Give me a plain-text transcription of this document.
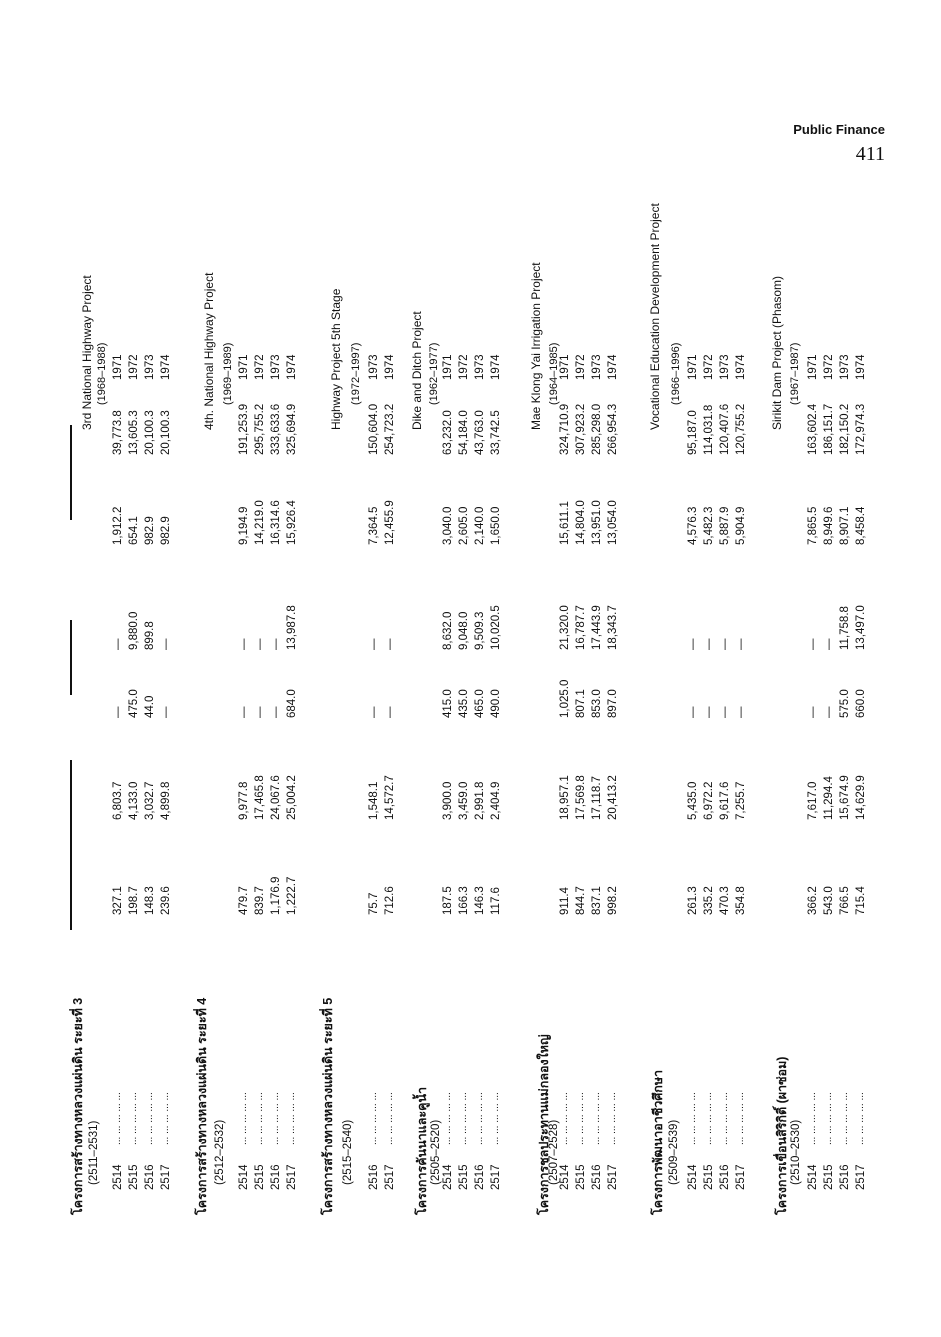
Public Finance
411
โครงการสร้างทางหลวงแผ่นดิน ระยะที่ 3 (2511–2531)
3rd National Highway Project (1968–1988)
2514
... ... ... ... ...
327.1
6,803.7
—
—
1,912.2
39,773.8
1971
2515
... ... ... ... ...
198.7
4,133.0
475.0
9,880.0
654.1
13,605.3
1972
2516
... ... ... ... ...
148.3
3,032.7
44.0
899.8
982.9
20,100.3
1973
2517
... ... ... ... ...
239.6
4,899.8
—
—
982.9
20,100.3
1974
โครงการสร้างทางหลวงแผ่นดิน ระยะที่ 4 (2512–2532)
4th. National Highway Project (1969–1989)
2514
... ... ... ... ...
479.7
9,977.8
—
—
9,194.9
191,253.9
1971
2515
... ... ... ... ...
839.7
17,465.8
—
—
14,219.0
295,755.2
1972
2516
... ... ... ... ...
1,176.9
24,067.6
—
—
16,314.6
333,633.6
1973
2517
... ... ... ... ...
1,222.7
25,004.2
684.0
13,987.8
15,926.4
325,694.9
1974
โครงการสร้างทางหลวงแผ่นดิน ระยะที่ 5 (2515–2540)
Highway Project 5th Stage (1972–1997)
2516
... ... ... ... ...
75.7
1,548.1
—
—
7,364.5
150,604.0
1973
2517
... ... ... ... ...
712.6
14,572.7
—
—
12,455.9
254,723.2
1974
โครงการคันนาและคูน้ำ (2505–2520)
Dike and Ditch Project (1962–1977)
2514
... ... ... ... ...
187.5
3,900.0
415.0
8,632.0
3,040.0
63,232.0
1971
2515
... ... ... ... ...
166.3
3,459.0
435.0
9,048.0
2,605.0
54,184.0
1972
2516
... ... ... ... ...
146.3
2,991.8
465.0
9,509.3
2,140.0
43,763.0
1973
2517
... ... ... ... ...
117.6
2,404.9
490.0
10,020.5
1,650.0
33,742.5
1974
โครงการชลประทานแม่กลองใหญ่
(2507–2528)
Mae Klong Yai Irrigation Project (1964–1985)
2514
... ... ... ... ...
911.4
18,957.1
1,025.0
21,320.0
15,611.1
324,710.9
1971
2515
... ... ... ... ...
844.7
17,569.8
807.1
16,787.7
14,804.0
307,923.2
1972
2516
... ... ... ... ...
837.1
17,118.7
853.0
17,443.9
13,951.0
285,298.0
1973
2517
... ... ... ... ...
998.2
20,413.2
897.0
18,343.7
13,054.0
266,954.3
1974
โครงการพัฒนาอาชีวศึกษา (2509–2539)
Vocational Education Development Project (1966–1996)
2514
... ... ... ... ...
261.3
5,435.0
—
—
4,576.3
95,187.0
1971
2515
... ... ... ... ...
335.2
6,972.2
—
—
5,482.3
114,031.8
1972
2516
... ... ... ... ...
470.3
9,617.6
—
—
5,887.9
120,407.6
1973
2517
... ... ... ... ...
354.8
7,255.7
—
—
5,904.9
120,755.2
1974
โครงการเขื่อนสิริกิติ์ (ผาซ่อม) (2510–2530)
Sirikit Dam Project (Phasom) (1967–1987)
2514
... ... ... ... ...
366.2
7,617.0
—
—
7,865.5
163,602.4
1971
2515
... ... ... ... ...
543.0
11,294.4
—
—
8,949.6
186,151.7
1972
2516
... ... ... ... ...
766.5
15,674.9
575.0
11,758.8
8,907.1
182,150.2
1973
2517
... ... ... ... ...
715.4
14,629.9
660.0
13,497.0
8,458.4
172,974.3
1974
